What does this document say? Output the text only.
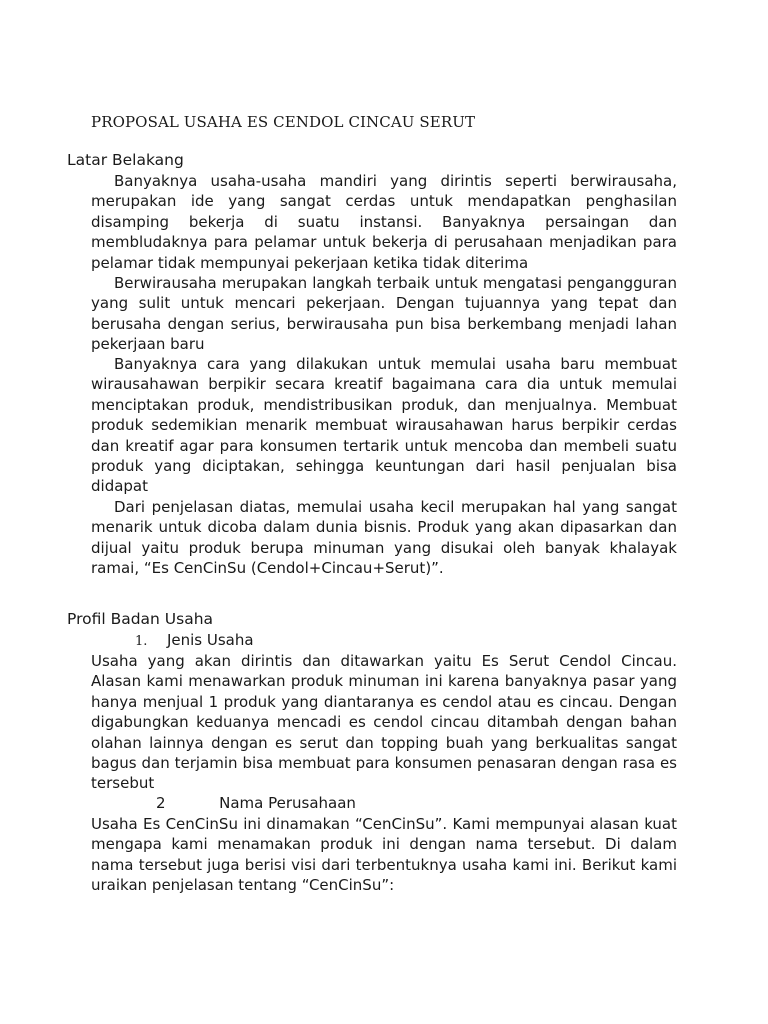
PROPOSAL USAHA ES CENDOL CINCAU SERUT
Latar Belakang

Banyaknya usaha-usaha mandiri yang dirintis seperti berwirausaha, merupakan ide yang sangat cerdas untuk mendapatkan penghasilan disamping bekerja di suatu instansi. Banyaknya persaingan dan membludaknya para pelamar untuk bekerja di perusahaan menjadikan para pelamar tidak mempunyai pekerjaan ketika tidak diterima

Berwirausaha merupakan langkah terbaik untuk mengatasi pengangguran yang sulit untuk mencari pekerjaan. Dengan tujuannya yang tepat dan berusaha dengan serius, berwirausaha pun bisa berkembang menjadi lahan pekerjaan baru

Banyaknya cara yang dilakukan untuk memulai usaha baru membuat wirausahawan berpikir secara kreatif bagaimana cara dia untuk memulai menciptakan produk, mendistribusikan produk, dan menjualnya. Membuat produk sedemikian menarik membuat wirausahawan harus berpikir cerdas dan kreatif agar para konsumen tertarik untuk mencoba dan membeli suatu produk yang diciptakan, sehingga keuntungan dari hasil penjualan bisa didapat

Dari penjelasan diatas, memulai usaha kecil merupakan hal yang sangat menarik untuk dicoba dalam dunia bisnis. Produk yang akan dipasarkan dan dijual yaitu produk berupa minuman yang disukai oleh banyak khalayak ramai, “Es CenCinSu (Cendol+Cincau+Serut)”.

Profil Badan Usaha
1. Jenis Usaha

Usaha yang akan dirintis dan ditawarkan yaitu Es Serut Cendol Cincau. Alasan kami menawarkan produk minuman ini karena banyaknya pasar yang hanya menjual 1 produk yang diantaranya es cendol atau es cincau. Dengan digabungkan keduanya mencadi es cendol cincau ditambah dengan bahan olahan lainnya dengan es serut dan topping buah yang berkualitas sangat bagus dan terjamin bisa membuat para konsumen penasaran dengan rasa es tersebut

2	Nama Perusahaan

Usaha Es CenCinSu ini dinamakan “CenCinSu”. Kami mempunyai alasan kuat mengapa kami menamakan produk ini dengan nama tersebut. Di dalam nama tersebut juga berisi visi dari terbentuknya usaha kami ini. Berikut kami uraikan penjelasan tentang “CenCinSu”:
